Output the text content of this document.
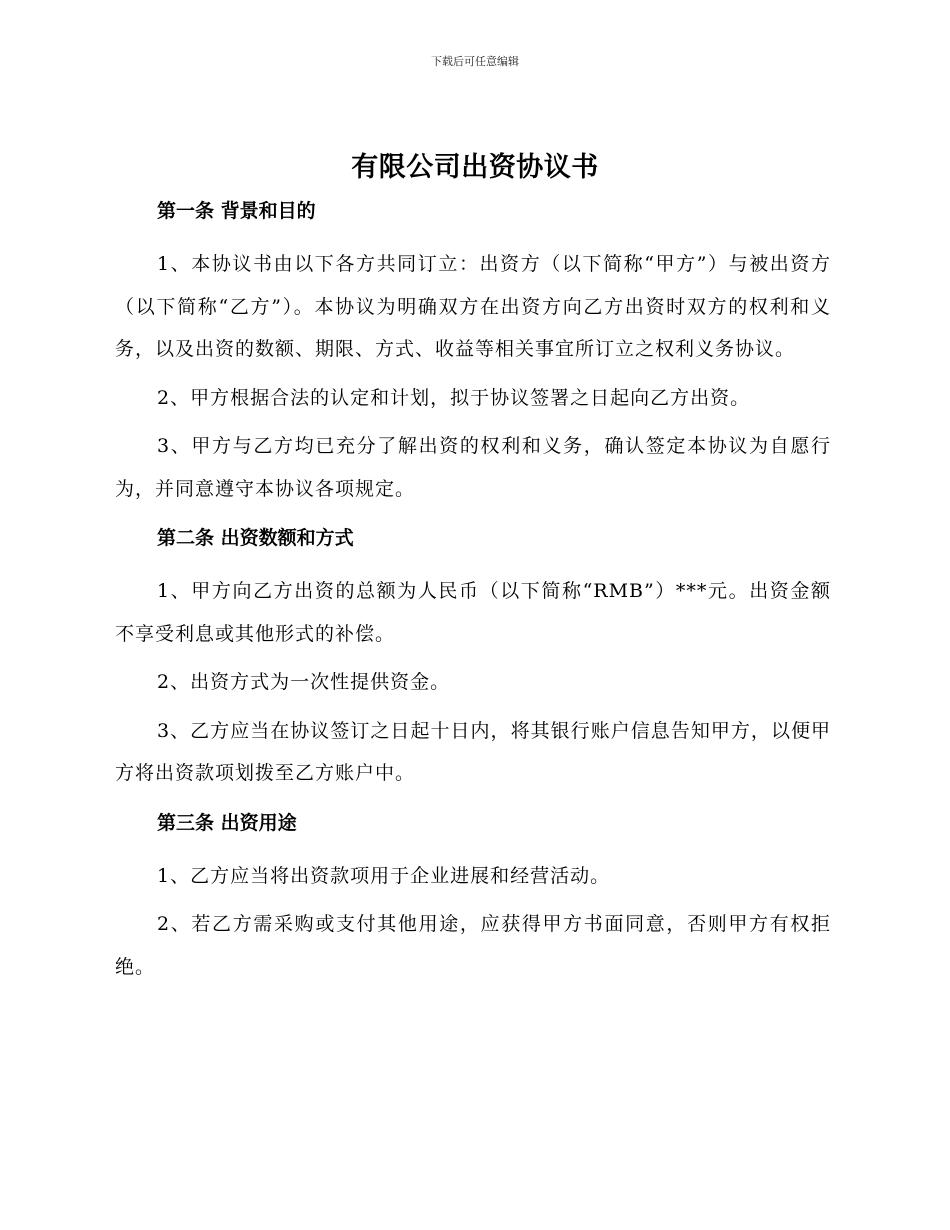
下载后可任意编辑
有限公司出资协议书
第一条 背景和目的

1、本协议书由以下各方共同订立：出资方（以下简称“甲方”）与被出资方（以下简称“乙方”）。本协议为明确双方在出资方向乙方出资时双方的权利和义务，以及出资的数额、期限、方式、收益等相关事宜所订立之权利义务协议。

2、甲方根据合法的认定和计划，拟于协议签署之日起向乙方出资。

3、甲方与乙方均已充分了解出资的权利和义务，确认签定本协议为自愿行为，并同意遵守本协议各项规定。

第二条 出资数额和方式

1、甲方向乙方出资的总额为人民币（以下简称“RMB”）***元。出资金额不享受利息或其他形式的补偿。

2、出资方式为一次性提供资金。

3、乙方应当在协议签订之日起十日内，将其银行账户信息告知甲方，以便甲方将出资款项划拨至乙方账户中。

第三条 出资用途

1、乙方应当将出资款项用于企业进展和经营活动。

2、若乙方需采购或支付其他用途，应获得甲方书面同意，否则甲方有权拒绝。
